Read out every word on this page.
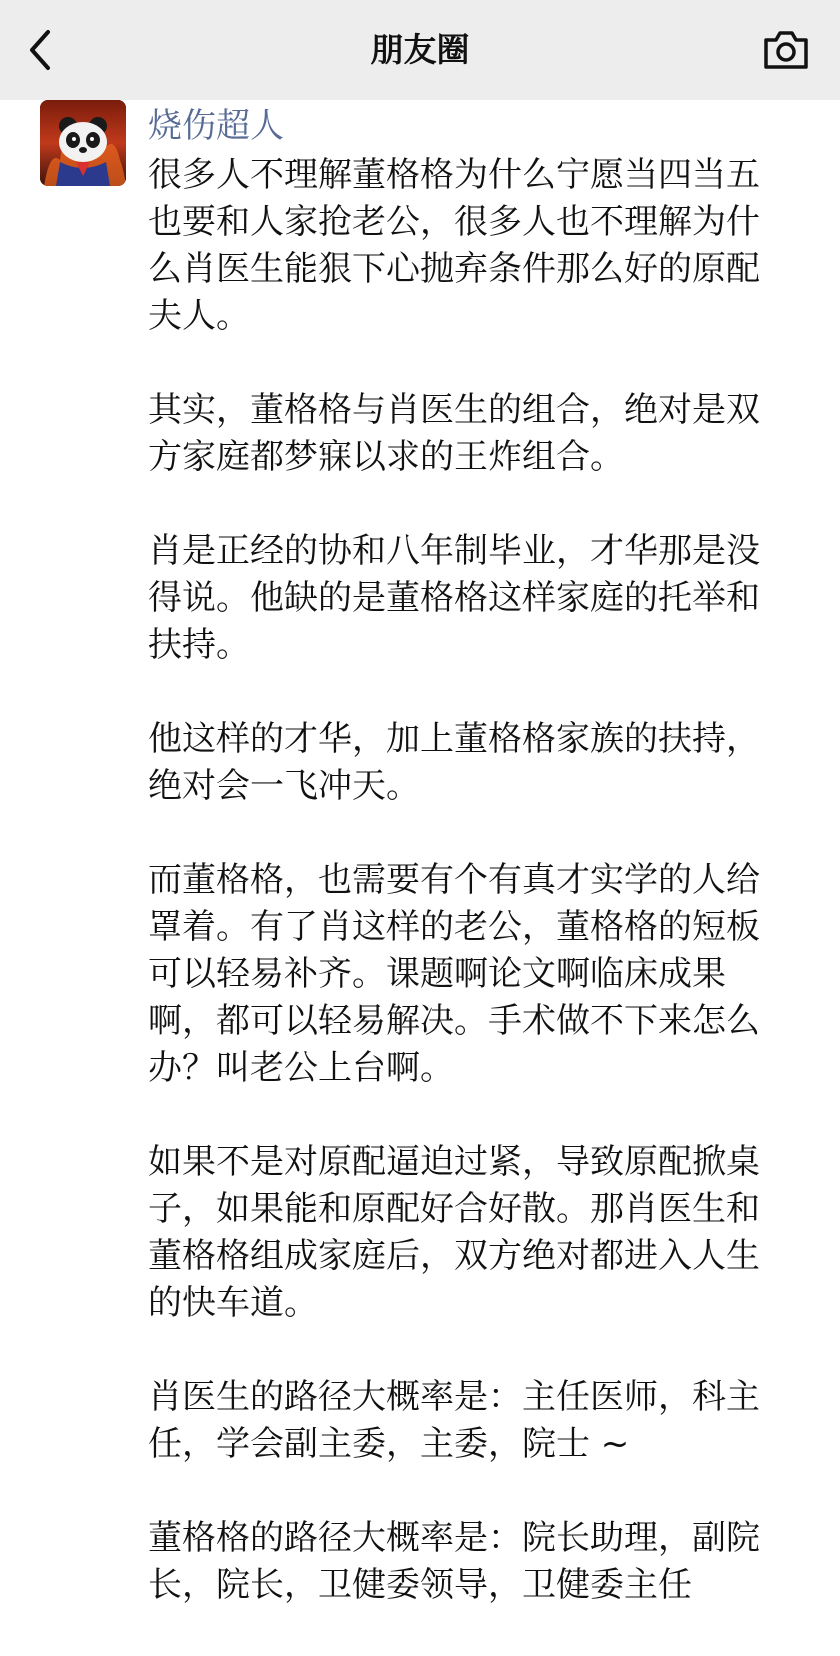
朋友圈
烧伤超人

很多人不理解董格格为什么宁愿当四当五
也要和人家抢老公，很多人也不理解为什
么肖医生能狠下心抛弃条件那么好的原配
夫人。

其实，董格格与肖医生的组合，绝对是双
方家庭都梦寐以求的王炸组合。

肖是正经的协和八年制毕业，才华那是没
得说。他缺的是董格格这样家庭的托举和
扶持。

他这样的才华，加上董格格家族的扶持，
绝对会一飞冲天。

而董格格，也需要有个有真才实学的人给
罩着。有了肖这样的老公，董格格的短板
可以轻易补齐。课题啊论文啊临床成果
啊，都可以轻易解决。手术做不下来怎么
办？叫老公上台啊。

如果不是对原配逼迫过紧，导致原配掀桌
子，如果能和原配好合好散。那肖医生和
董格格组成家庭后，双方绝对都进入人生
的快车道。

肖医生的路径大概率是：主任医师，科主
任，学会副主委，主委，院士 ~

董格格的路径大概率是：院长助理，副院
长，院长，卫健委领导，卫健委主任
